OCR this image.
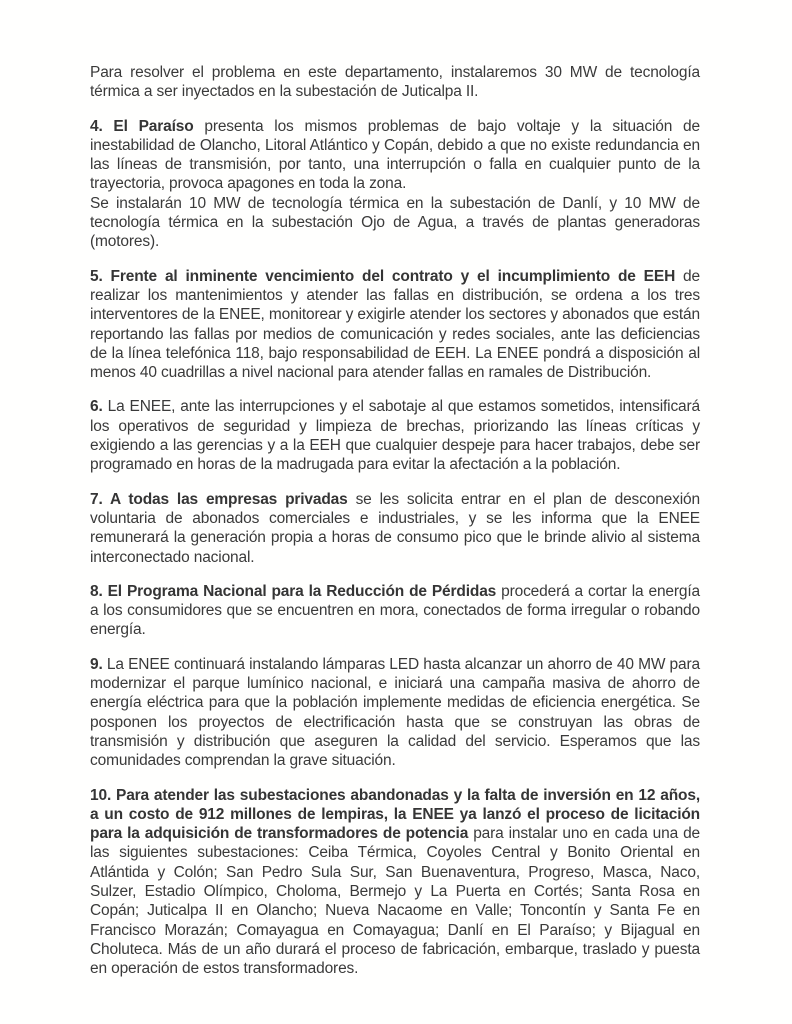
Para resolver el problema en este departamento, instalaremos 30 MW de tecnología térmica a ser inyectados en la subestación de Juticalpa II.

4. El Paraíso presenta los mismos problemas de bajo voltaje y la situación de inestabilidad de Olancho, Litoral Atlántico y Copán, debido a que no existe redundancia en las líneas de transmisión, por tanto, una interrupción o falla en cualquier punto de la trayectoria, provoca apagones en toda la zona.

Se instalarán 10 MW de tecnología térmica en la subestación de Danlí, y 10 MW de tecnología térmica en la subestación Ojo de Agua, a través de plantas generadoras (motores).

5. Frente al inminente vencimiento del contrato y el incumplimiento de EEH de realizar los mantenimientos y atender las fallas en distribución, se ordena a los tres interventores de la ENEE, monitorear y exigirle atender los sectores y abonados que están reportando las fallas por medios de comunicación y redes sociales, ante las deficiencias de la línea telefónica 118, bajo responsabilidad de EEH. La ENEE pondrá a disposición al menos 40 cuadrillas a nivel nacional para atender fallas en ramales de Distribución.

6. La ENEE, ante las interrupciones y el sabotaje al que estamos sometidos, intensificará los operativos de seguridad y limpieza de brechas, priorizando las líneas críticas y exigiendo a las gerencias y a la EEH que cualquier despeje para hacer trabajos, debe ser programado en horas de la madrugada para evitar la afectación a la población.

7. A todas las empresas privadas se les solicita entrar en el plan de desconexión voluntaria de abonados comerciales e industriales, y se les informa que la ENEE remunerará la generación propia a horas de consumo pico que le brinde alivio al sistema interconectado nacional.

8. El Programa Nacional para la Reducción de Pérdidas procederá a cortar la energía a los consumidores que se encuentren en mora, conectados de forma irregular o robando energía.

9. La ENEE continuará instalando lámparas LED hasta alcanzar un ahorro de 40 MW para modernizar el parque lumínico nacional, e iniciará una campaña masiva de ahorro de energía eléctrica para que la población implemente medidas de eficiencia energética. Se posponen los proyectos de electrificación hasta que se construyan las obras de transmisión y distribución que aseguren la calidad del servicio. Esperamos que las comunidades comprendan la grave situación.

10. Para atender las subestaciones abandonadas y la falta de inversión en 12 años, a un costo de 912 millones de lempiras, la ENEE ya lanzó el proceso de licitación para la adquisición de transformadores de potencia para instalar uno en cada una de las siguientes subestaciones: Ceiba Térmica, Coyoles Central y Bonito Oriental en Atlántida y Colón; San Pedro Sula Sur, San Buenaventura, Progreso, Masca, Naco, Sulzer, Estadio Olímpico, Choloma, Bermejo y La Puerta en Cortés; Santa Rosa en Copán; Juticalpa II en Olancho; Nueva Nacaome en Valle; Toncontín y Santa Fe en Francisco Morazán; Comayagua en Comayagua; Danlí en El Paraíso; y Bijagual en Choluteca. Más de un año durará el proceso de fabricación, embarque, traslado y puesta en operación de estos transformadores.
